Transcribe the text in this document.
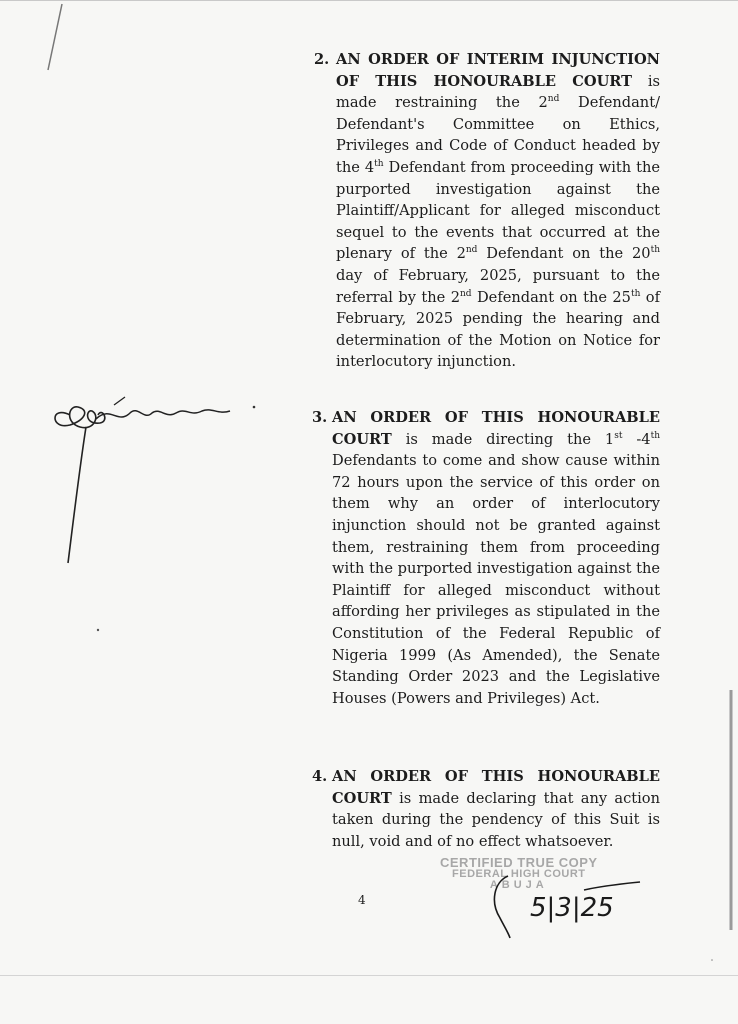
2. AN ORDER OF INTERIM INJUNCTION OF THIS HONOURABLE COURT is made restraining the 2nd Defendant/ Defendant's Committee on Ethics, Privileges and Code of Conduct headed by the 4th Defendant from proceeding with the purported investigation against the Plaintiff/Applicant for alleged misconduct sequel to the events that occurred at the plenary of the 2nd Defendant on the 20th day of February, 2025, pursuant to the referral by the 2nd Defendant on the 25th of February, 2025 pending the hearing and determination of the Motion on Notice for interlocutory injunction.
3. AN ORDER OF THIS HONOURABLE COURT is made directing the 1st -4th Defendants to come and show cause within 72 hours upon the service of this order on them why an order of interlocutory injunction should not be granted against them, restraining them from proceeding with the purported investigation against the Plaintiff for alleged misconduct without affording her privileges as stipulated in the Constitution of the Federal Republic of Nigeria 1999 (As Amended), the Senate Standing Order 2023 and the Legislative Houses (Powers and Privileges) Act.
4. AN ORDER OF THIS HONOURABLE COURT is made declaring that any action taken during the pendency of this Suit is null, void and of no effect whatsoever.
CERTIFIED TRUE COPY
FEDERAL HIGH COURT
ABUJA
5|3|25
4
